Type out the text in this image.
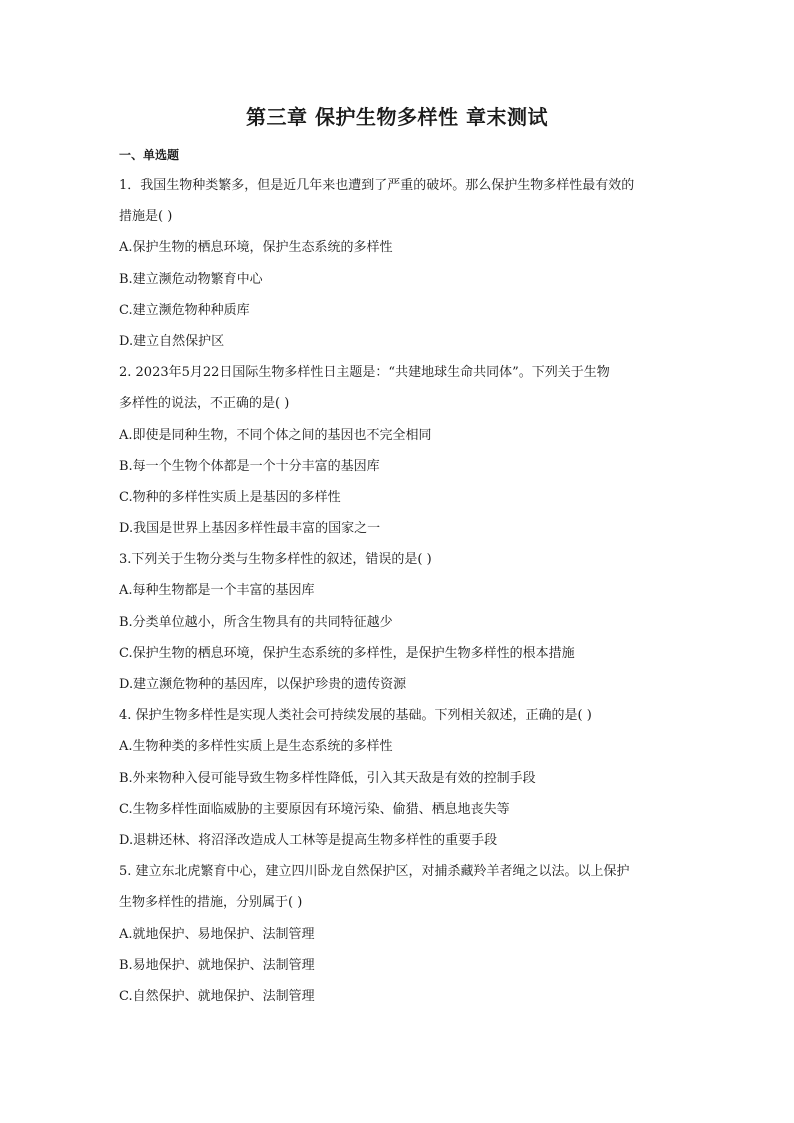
第三章 保护生物多样性 章末测试
一、单选题
1．我国生物种类繁多，但是近几年来也遭到了严重的破坏。那么保护生物多样性最有效的
措施是( )
A.保护生物的栖息环境，保护生态系统的多样性
B.建立濒危动物繁育中心
C.建立濒危物种种质库
D.建立自然保护区
2. 2023年5月22日国际生物多样性日主题是：“共建地球生命共同体”。下列关于生物
多样性的说法，不正确的是( )
A.即使是同种生物，不同个体之间的基因也不完全相同
B.每一个生物个体都是一个十分丰富的基因库
C.物种的多样性实质上是基因的多样性
D.我国是世界上基因多样性最丰富的国家之一
3.下列关于生物分类与生物多样性的叙述，错误的是( )
A.每种生物都是一个丰富的基因库
B.分类单位越小，所含生物具有的共同特征越少
C.保护生物的栖息环境，保护生态系统的多样性，是保护生物多样性的根本措施
D.建立濒危物种的基因库，以保护珍贵的遗传资源
4. 保护生物多样性是实现人类社会可持续发展的基础。下列相关叙述，正确的是( )
A.生物种类的多样性实质上是生态系统的多样性
B.外来物种入侵可能导致生物多样性降低，引入其天敌是有效的控制手段
C.生物多样性面临威胁的主要原因有环境污染、偷猎、栖息地丧失等
D.退耕还林、将沼泽改造成人工林等是提高生物多样性的重要手段
5. 建立东北虎繁育中心，建立四川卧龙自然保护区，对捕杀藏羚羊者绳之以法。以上保护
生物多样性的措施，分别属于( )
A.就地保护、易地保护、法制管理
B.易地保护、就地保护、法制管理
C.自然保护、就地保护、法制管理
